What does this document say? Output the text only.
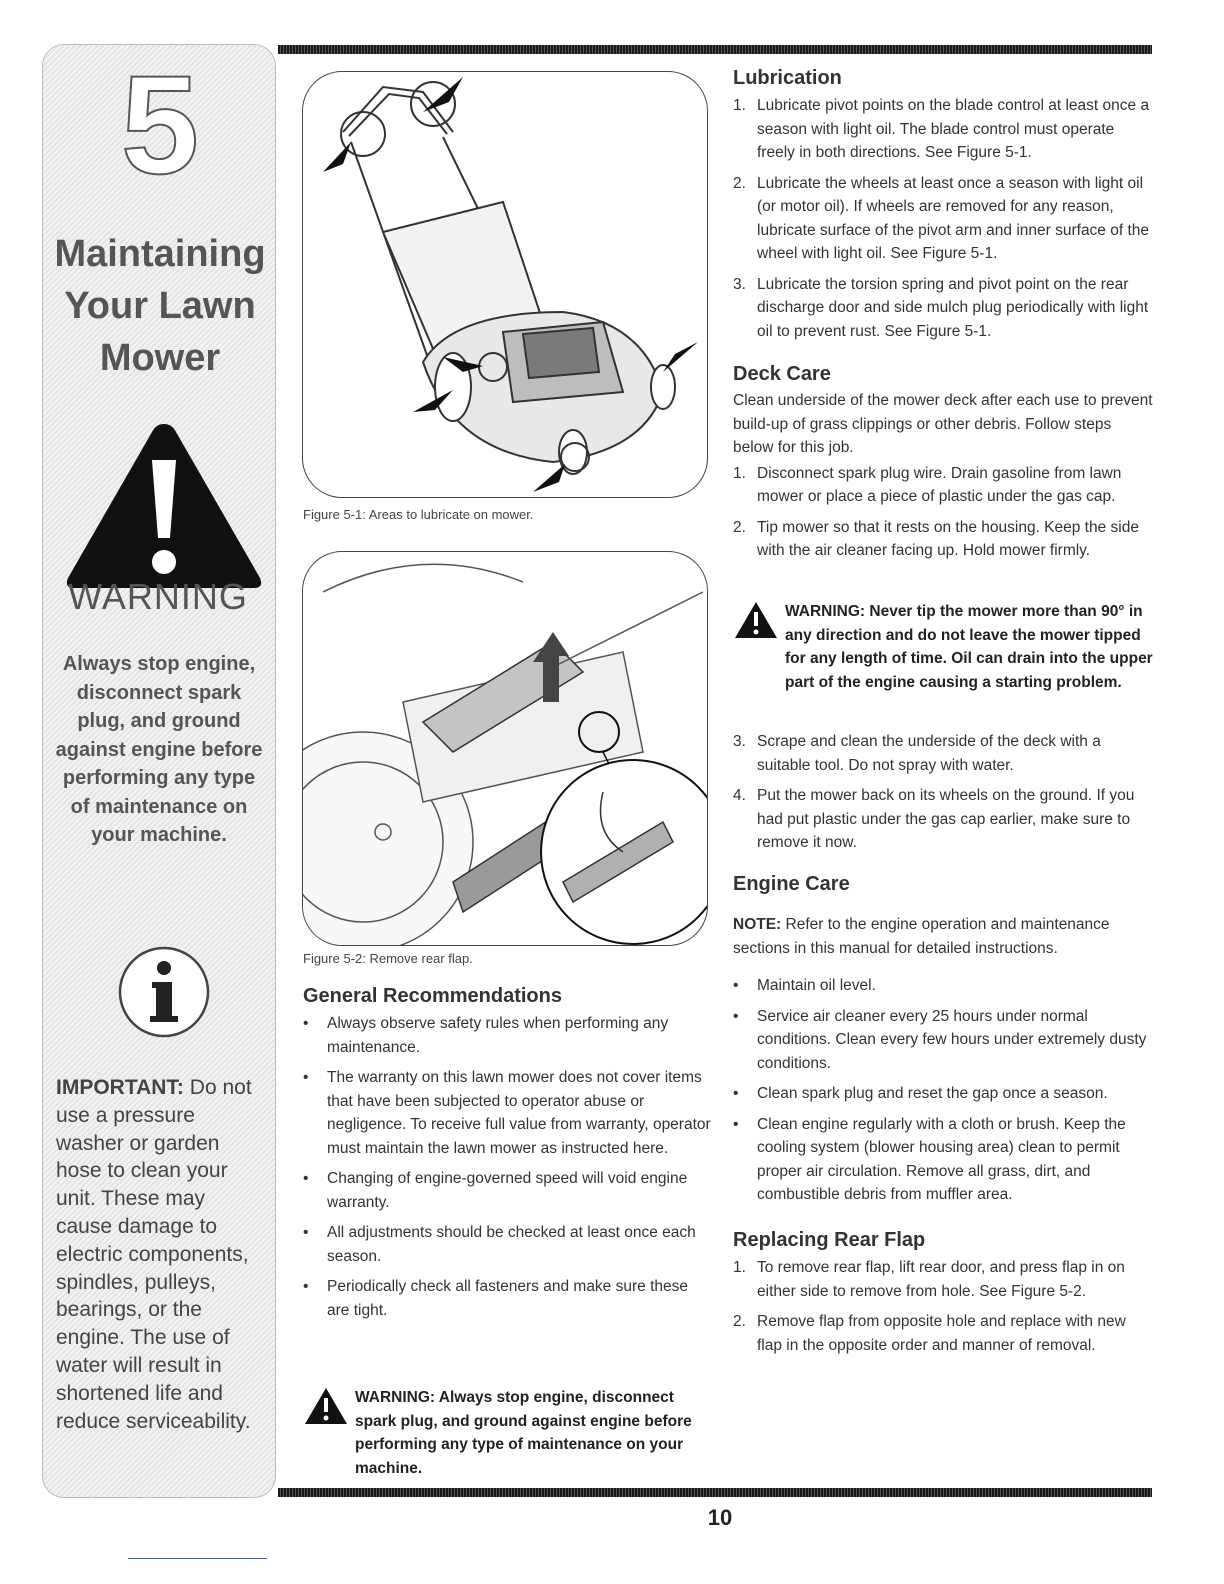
5
Maintaining
Your Lawn
Mower
WARNING
Always stop engine,
disconnect spark
plug, and ground
against engine before
performing any type
of maintenance on
your machine.
IMPORTANT: Do not use a pressure washer or garden hose to clean your unit. These may cause damage to electric components, spindles, pulleys, bearings, or the engine. The use of water will result in shortened life and reduce serviceability.
Figure 5-1: Areas to lubricate on mower.
Figure 5-2: Remove rear flap.
General Recommendations
• Always observe safety rules when performing any maintenance.
• The warranty on this lawn mower does not cover items that have been subjected to operator abuse or negligence. To receive full value from warranty, operator must maintain the lawn mower as instructed here.
• Changing of engine-governed speed will void engine warranty.
• All adjustments should be checked at least once each season.
• Periodically check all fasteners and make sure these are tight.
WARNING: Always stop engine, disconnect spark plug, and ground against engine before performing any type of maintenance on your machine.
Lubrication
1. Lubricate pivot points on the blade control at least once a season with light oil. The blade control must operate freely in both directions. See Figure 5-1.
2. Lubricate the wheels at least once a season with light oil (or motor oil). If wheels are removed for any reason, lubricate surface of the pivot arm and inner surface of the wheel with light oil. See Figure 5-1.
3. Lubricate the torsion spring and pivot point on the rear discharge door and side mulch plug periodically with light oil to prevent rust. See Figure 5-1.
Deck Care
Clean underside of the mower deck after each use to prevent build-up of grass clippings or other debris. Follow steps below for this job.
1. Disconnect spark plug wire. Drain gasoline from lawn mower or place a piece of plastic under the gas cap.
2. Tip mower so that it rests on the housing. Keep the side with the air cleaner facing up. Hold mower firmly.
WARNING: Never tip the mower more than 90° in any direction and do not leave the mower tipped for any length of time. Oil can drain into the upper part of the engine causing a starting problem.
3. Scrape and clean the underside of the deck with a suitable tool. Do not spray with water.
4. Put the mower back on its wheels on the ground. If you had put plastic under the gas cap earlier, make sure to remove it now.
Engine Care
NOTE: Refer to the engine operation and maintenance sections in this manual for detailed instructions.
• Maintain oil level.
• Service air cleaner every 25 hours under normal conditions. Clean every few hours under extremely dusty conditions.
• Clean spark plug and reset the gap once a season.
• Clean engine regularly with a cloth or brush. Keep the cooling system (blower housing area) clean to permit proper air circulation. Remove all grass, dirt, and combustible debris from muffler area.
Replacing Rear Flap
1. To remove rear flap, lift rear door, and press flap in on either side to remove from hole. See Figure 5-2.
2. Remove flap from opposite hole and replace with new flap in the opposite order and manner of removal.
10
